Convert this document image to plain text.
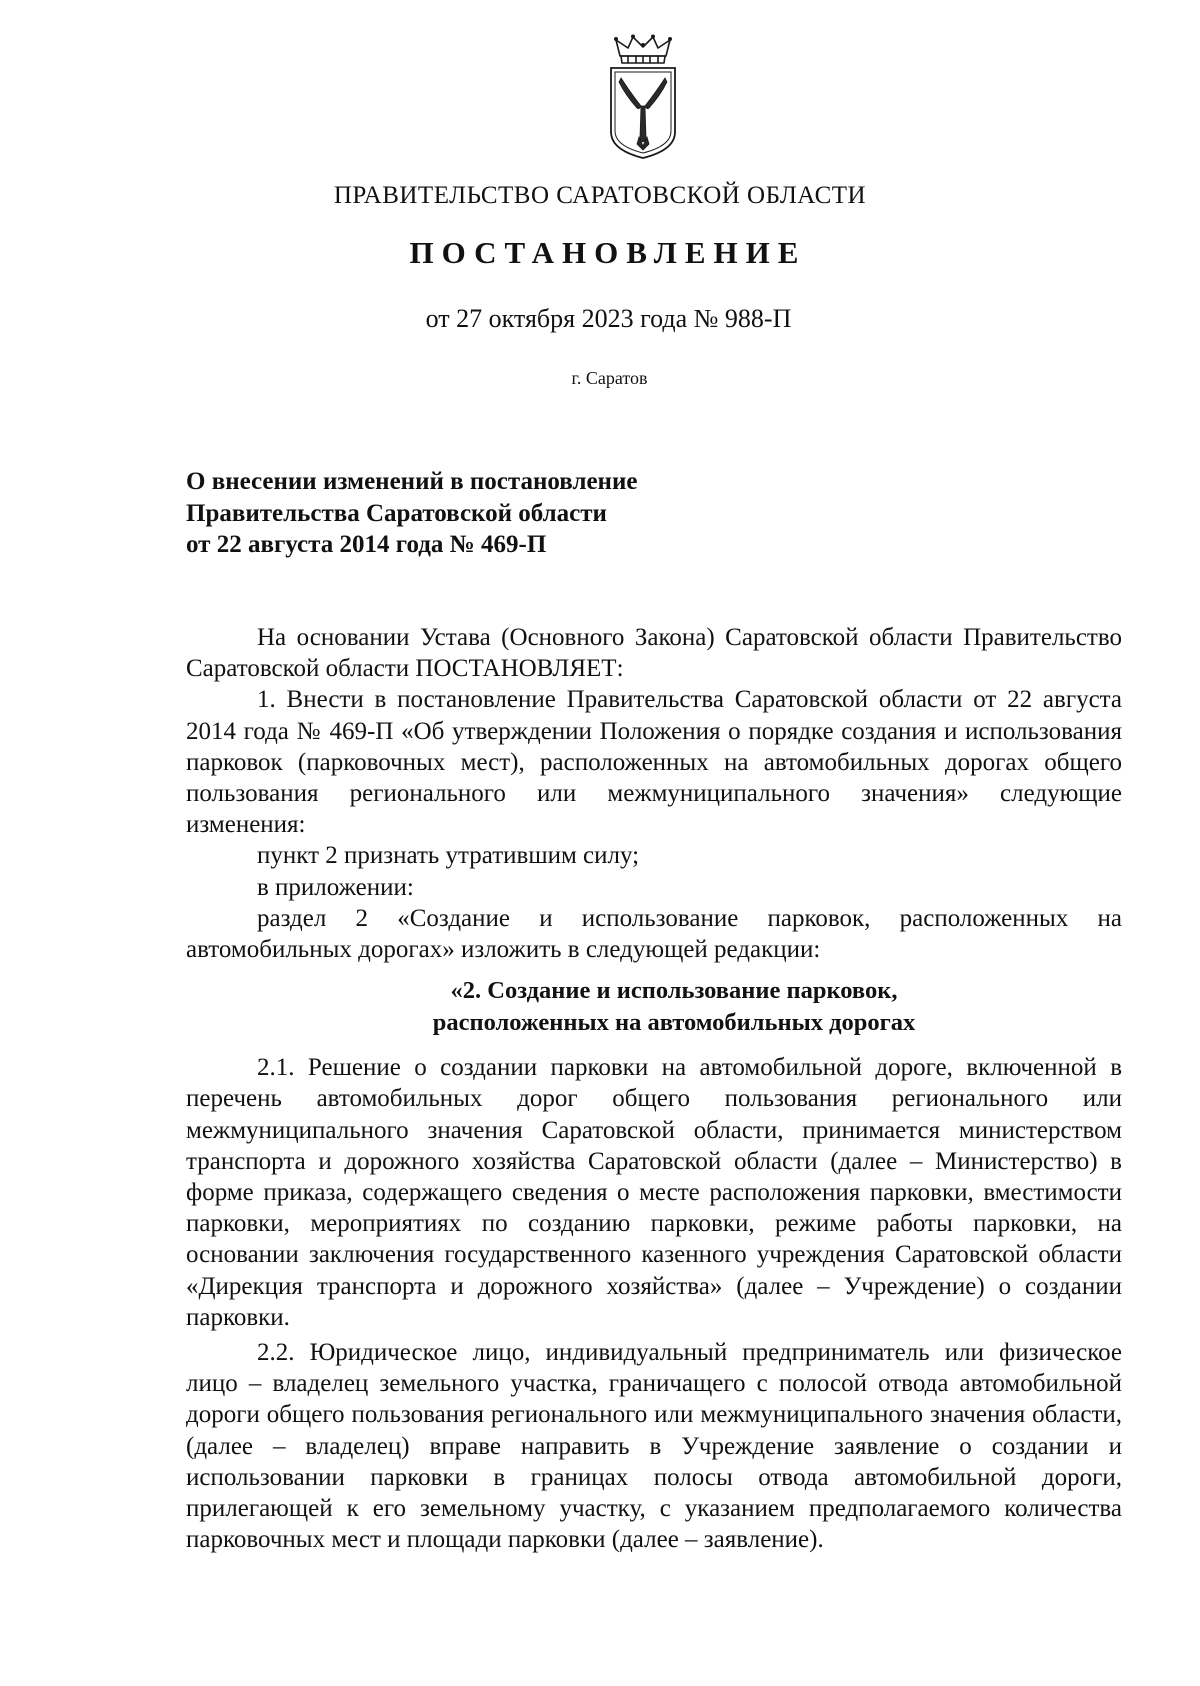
ПРАВИТЕЛЬСТВО САРАТОВСКОЙ ОБЛАСТИ
ПОСТАНОВЛЕНИЕ
от 27 октября 2023 года № 988-П
г. Саратов
О внесении изменений в постановление
Правительства Саратовской области
от 22 августа 2014 года № 469-П

На основании Устава (Основного Закона) Саратовской области Правительство Саратовской области ПОСТАНОВЛЯЕТ:

1. Внести в постановление Правительства Саратовской области от 22 августа 2014 года № 469-П «Об утверждении Положения о порядке создания и использования парковок (парковочных мест), расположенных на автомобильных дорогах общего пользования регионального или межмуниципального значения» следующие изменения:

пункт 2 признать утратившим силу;

в приложении:

раздел 2 «Создание и использование парковок, расположенных на автомобильных дорогах» изложить в следующей редакции:

«2. Создание и использование парковок,
расположенных на автомобильных дорогах

2.1. Решение о создании парковки на автомобильной дороге, включенной в перечень автомобильных дорог общего пользования регионального или межмуниципального значения Саратовской области, принимается министерством транспорта и дорожного хозяйства Саратовской области (далее – Министерство) в форме приказа, содержащего сведения о месте расположения парковки, вместимости парковки, мероприятиях по созданию парковки, режиме работы парковки, на основании заключения государственного казенного учреждения Саратовской области «Дирекция транспорта и дорожного хозяйства» (далее – Учреждение) о создании парковки.

2.2. Юридическое лицо, индивидуальный предприниматель или физическое лицо – владелец земельного участка, граничащего с полосой отвода автомобильной дороги общего пользования регионального или межмуниципального значения области, (далее – владелец) вправе направить в Учреждение заявление о создании и использовании парковки в границах полосы отвода автомобильной дороги, прилегающей к его земельному участку, с указанием предполагаемого количества парковочных мест и площади парковки (далее – заявление).
